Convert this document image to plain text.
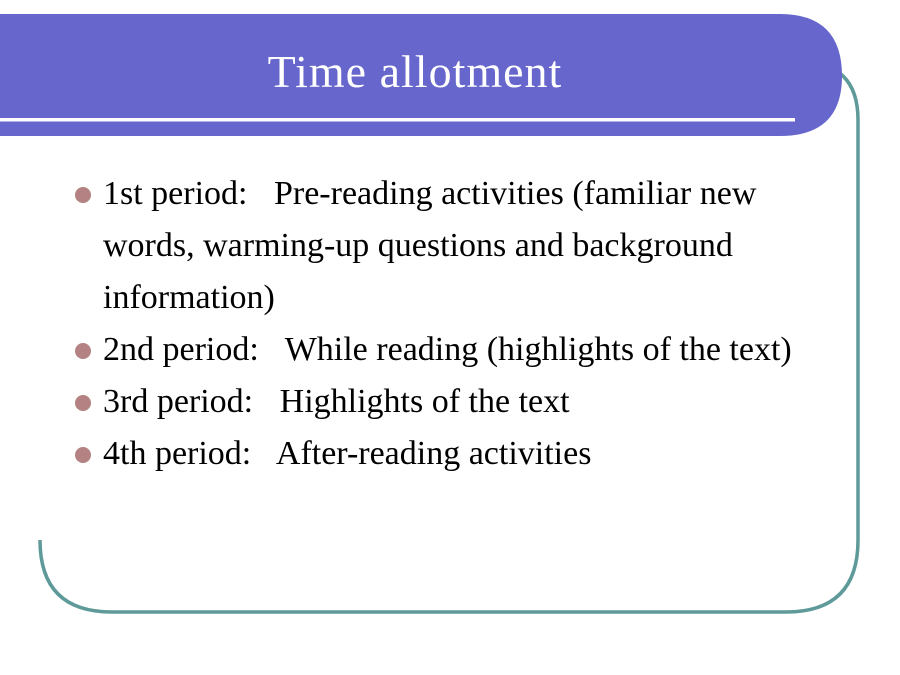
Time allotment
1st period: Pre-reading activities (familiar new words, warming-up questions and background information)
2nd period: While reading (highlights of the text)
3rd period: Highlights of the text
4th period: After-reading activities
